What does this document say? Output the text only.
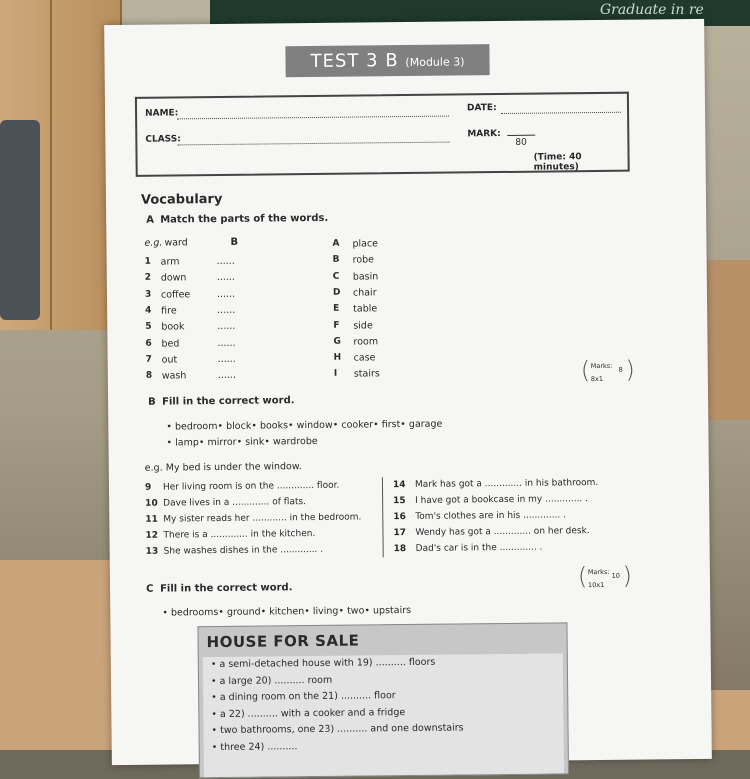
Graduate in re
TEST 3 B (Module 3)
NAME:
DATE:
CLASS:
MARK:
80
(Time: 40 minutes)
Vocabulary
A Match the parts of the words.
e.g. ward	B
1 arm	......
2 down	......
3 coffee	......
4 fire	......
5 book	......
6 bed	......
7 out	......
8 wash	......
A place
B robe
C basin
D chair
E table
F side
G room
H case
I stairs	( Marks: 8
8x1 )
B Fill in the correct word.
• bedroom• block• books• window• cooker• first• garage
• lamp• mirror• sink• wardrobe
e.g. My bed is under the window.
9 Her living room is on the ............. floor.
10 Dave lives in a ............. of flats.
11 My sister reads her ............ in the bedroom.
12 There is a ............. in the kitchen.
13 She washes dishes in the ............. .
14 Mark has got a ............. in his bathroom.
15 I have got a bookcase in my ............. .
16 Tom's clothes are in his ............. .
17 Wendy has got a ............. on her desk.
18 Dad's car is in the ............. .
( Marks: 10
10x1 )
C Fill in the correct word.
• bedrooms• ground• kitchen• living• two• upstairs
HOUSE FOR SALE
• a semi-detached house with 19) .......... floors
• a large 20) .......... room
• a dining room on the 21) .......... floor
• a 22) .......... with a cooker and a fridge
• two bathrooms, one 23) .......... and one downstairs
• three 24) ..........
